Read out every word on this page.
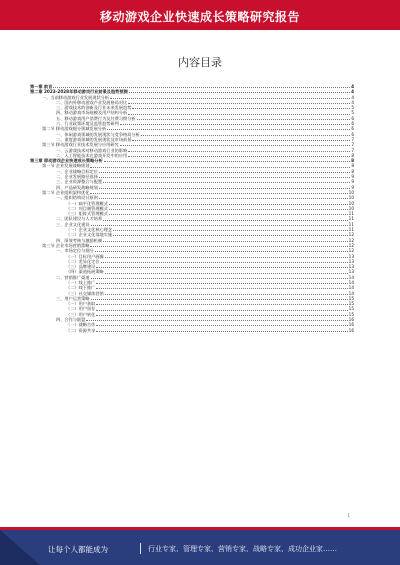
移动游戏企业快速成长策略研究报告
内容目录
第一章 前言	4
第二章 2023-2028年移动游戏行业前景及趋势预测	4
一、当前移动游戏行业发展现状分析	4
二、国内外移动游戏产业发展格局对比	4
三、游戏技术的创新及行业未来发展趋势	5
四、移动游戏市场规模及用户结构分析	5
五、移动游戏用户消费行为及付费习惯分析	6
六、行业政策环境及监管趋势研判	6
第二节 移动游戏细分领域发展分析	6
一、休闲游戏领域的发展现状与竞争格局分析	6
二、重度游戏领域的发展现状及市场前景	7
第三节 移动游戏行业技术发展与应用研究	7
一、云游戏技术对移动游戏行业的影响	7
二、人工智能技术在游戏开发中的应用	8
第三章 移动游戏企业快速成长策略分析	8
第一节 企业发展战略规划	8
一、企业战略目标定位	8
二、企业发展路径选择	9
三、企业资源整合与配置	9
四、产品研发战略规划	9
第二节 企业组织架构优化	10
一、组织结构设计原则	10
（一）扁平化管理模式	10
（二）项目制管理模式	10
（三）矩阵式管理模式	11
二、团队建设与人才培养	11
三、企业文化建设	11
（一）企业文化核心理念	11
（二）企业文化落地实施	12
四、绩效考核与激励机制	12
第三节 企业市场营销策略	12
一、市场定位与细分	12
（一）目标用户画像	13
（二）差异化定位	13
（三）品牌建设	13
（四）渠道拓展策略	13
二、营销推广渠道	14
（一）线上推广	14
（二）线下推广	14
（三）社交媒体营销	14
三、用户运营策略	15
（一）用户获取	15
（二）用户留存	15
（三）用户转化	15
四、合作与联盟	16
（一）战略合作	16
（二）资源共享	16
1
让每个人都能成为	行业专家、管理专家、营销专家、战略专家、成功企业家……
